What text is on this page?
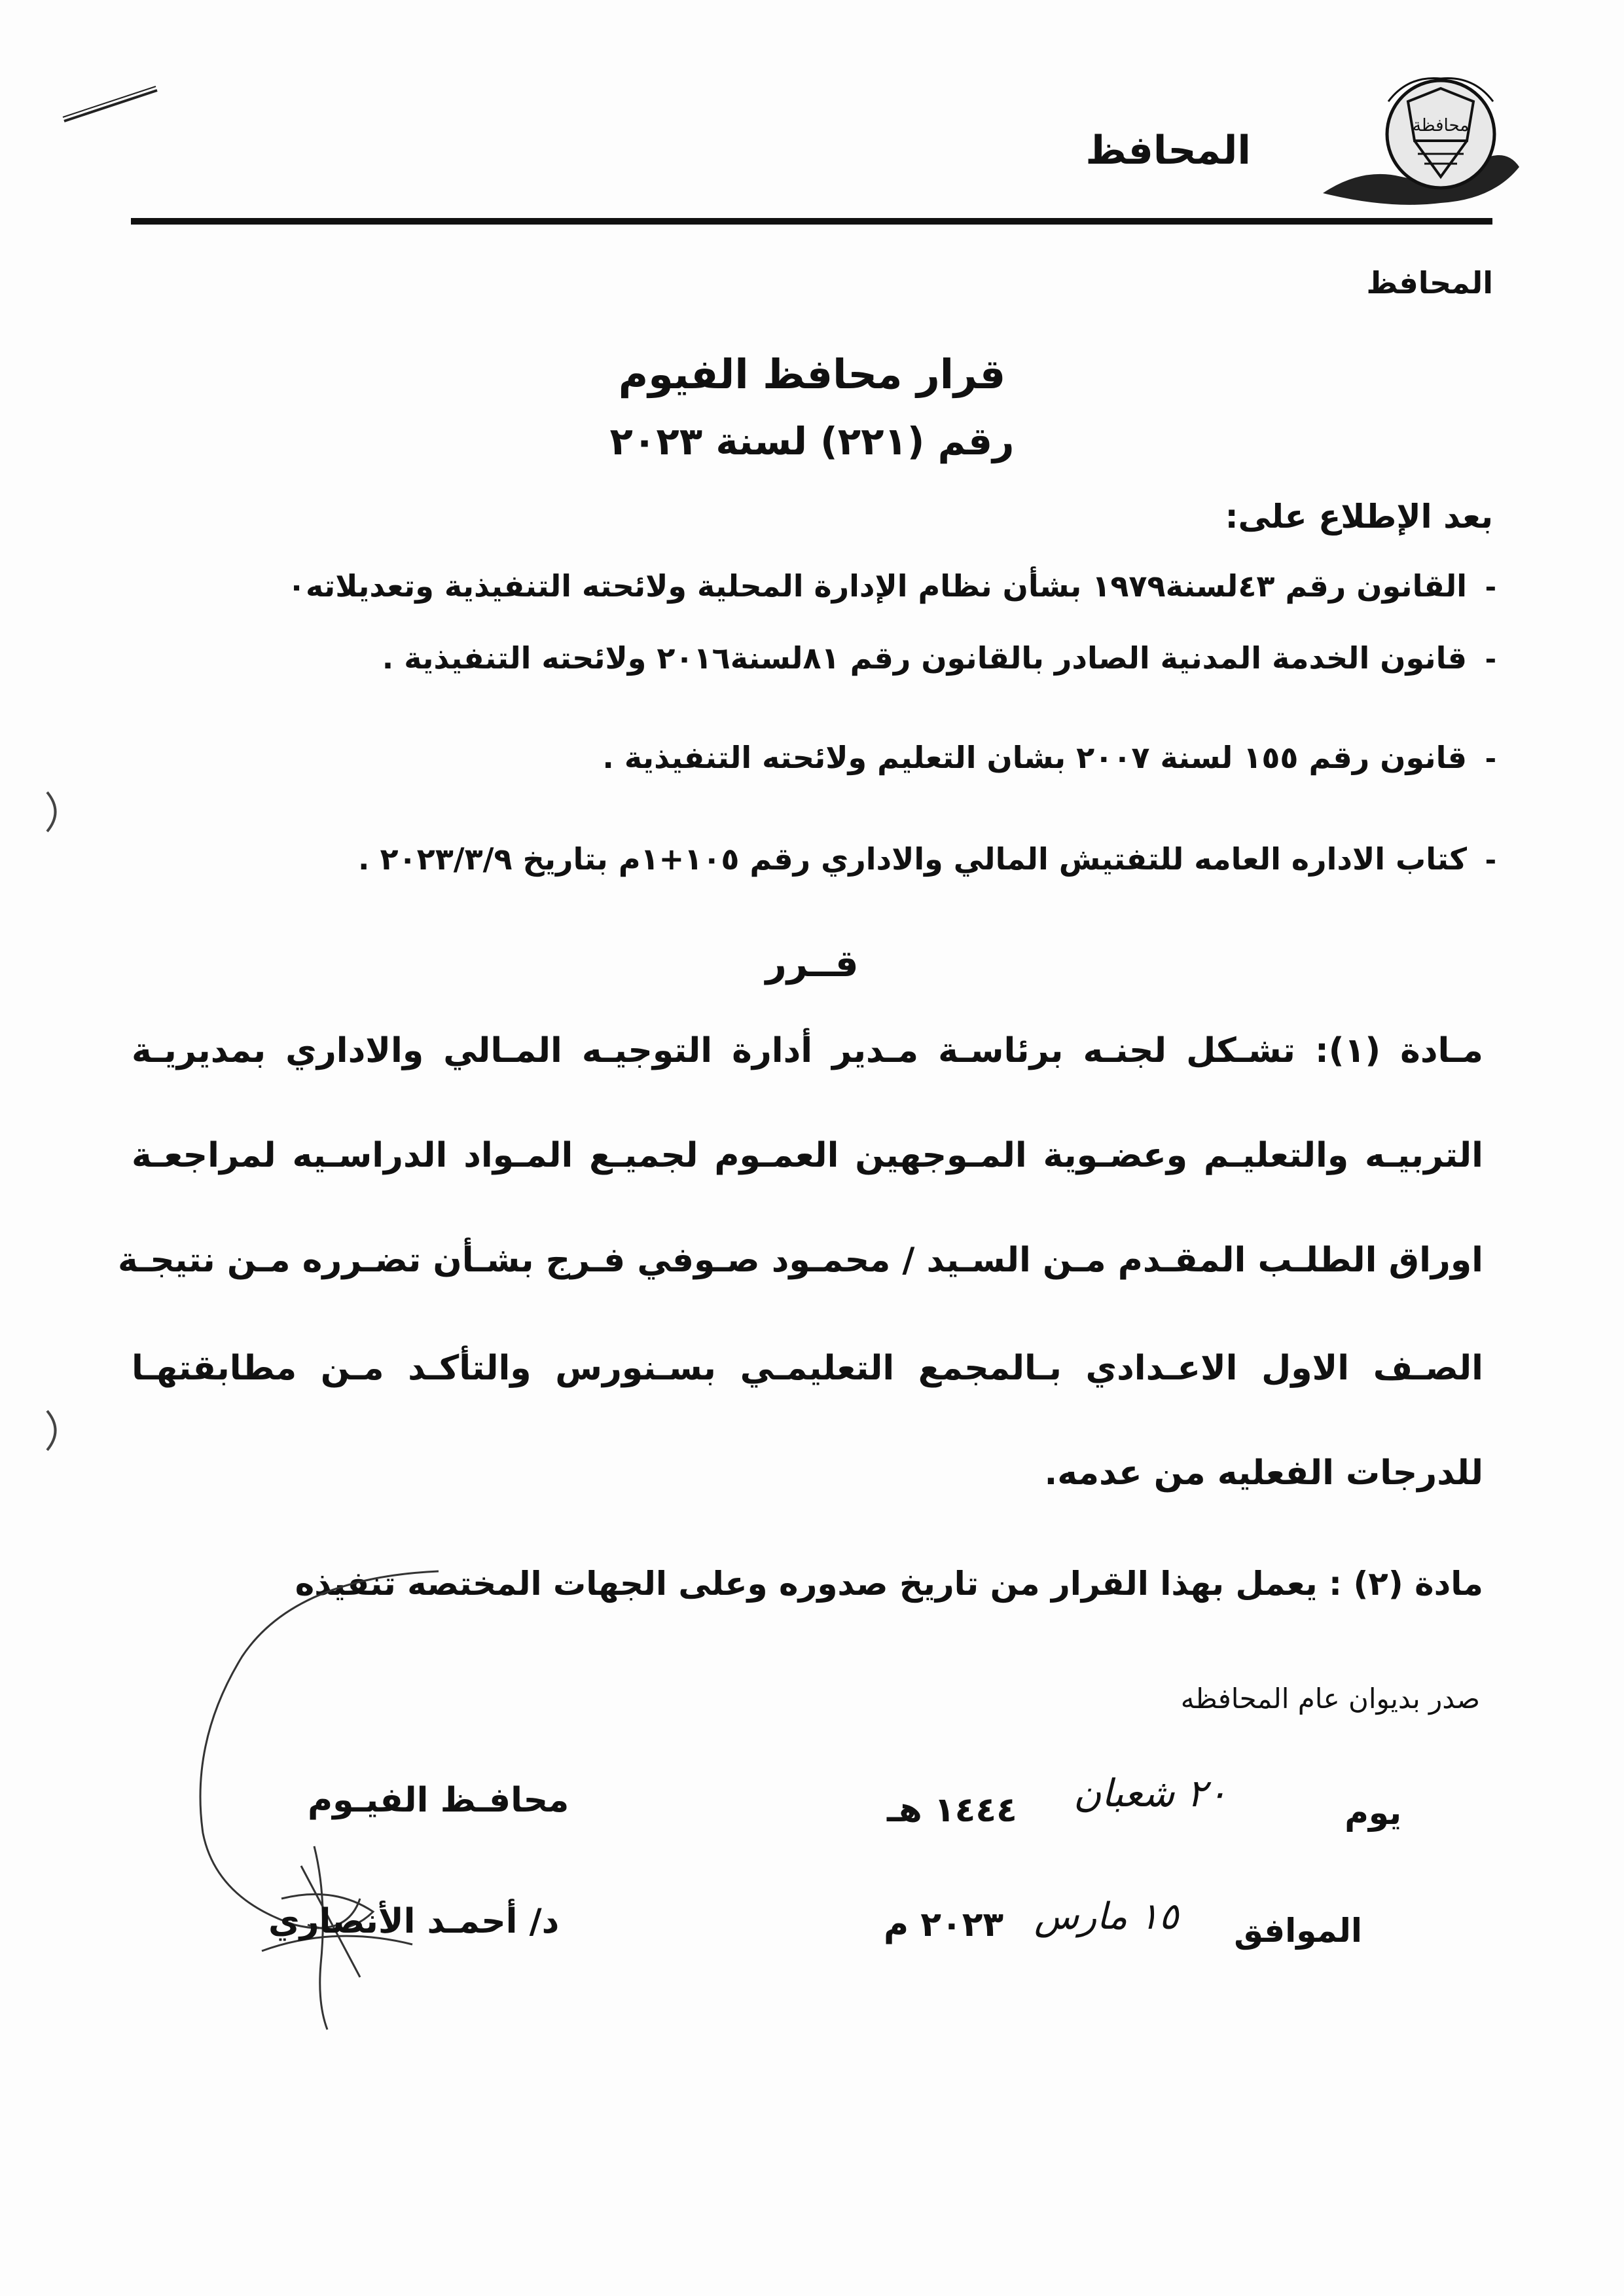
محافظة
المحافظ
المحافظ
قرار محافظ الفيوم
رقم (٢٢١) لسنة ٢٠٢٣
بعد الإطلاع على:
القانون رقم ٤٣لسنة١٩٧٩ بشأن نظام الإدارة المحلية ولائحته التنفيذية وتعديلاته٠ -
قانون الخدمة المدنية الصادر بالقانون رقم ٨١لسنة٢٠١٦ ولائحته التنفيذية . -
قانون رقم ١٥٥ لسنة ٢٠٠٧ بشان التعليم ولائحته التنفيذية . -
كتاب الاداره العامه للتفتيش المالي والاداري رقم ١٠٥+١م بتاريخ ٢٠٢٣/٣/٩ . -
قــرر
مـادة (١): تشـكل لجنـه برئاسـة مـدير أدارة التوجيـه المـالي والاداري بمديريـة
التربيـه والتعليـم وعضـوية المـوجهين العمـوم لجميـع المـواد الدراسـيه لمراجعـة
اوراق الطلـب المقـدم مـن السـيد / محمـود صـوفي فـرج بشـأن تضـرره مـن نتيجـة
الصـف الاول الاعـدادي بـالمجمع التعليمـي بسـنورس والتأكـد مـن مطابقتهـا
للدرجات الفعليه من عدمه.
مادة (٢) : يعمل بهذا القرار من تاريخ صدوره وعلى الجهات المختصه تنفيذه
صدر بديوان عام المحافظه
محافـظ الفيـوم
د/ أحمـد الأنصاري
يوم
٢٠ شعبان
١٤٤٤ هـ
الموافق
١٥ مارس
٢٠٢٣ م
